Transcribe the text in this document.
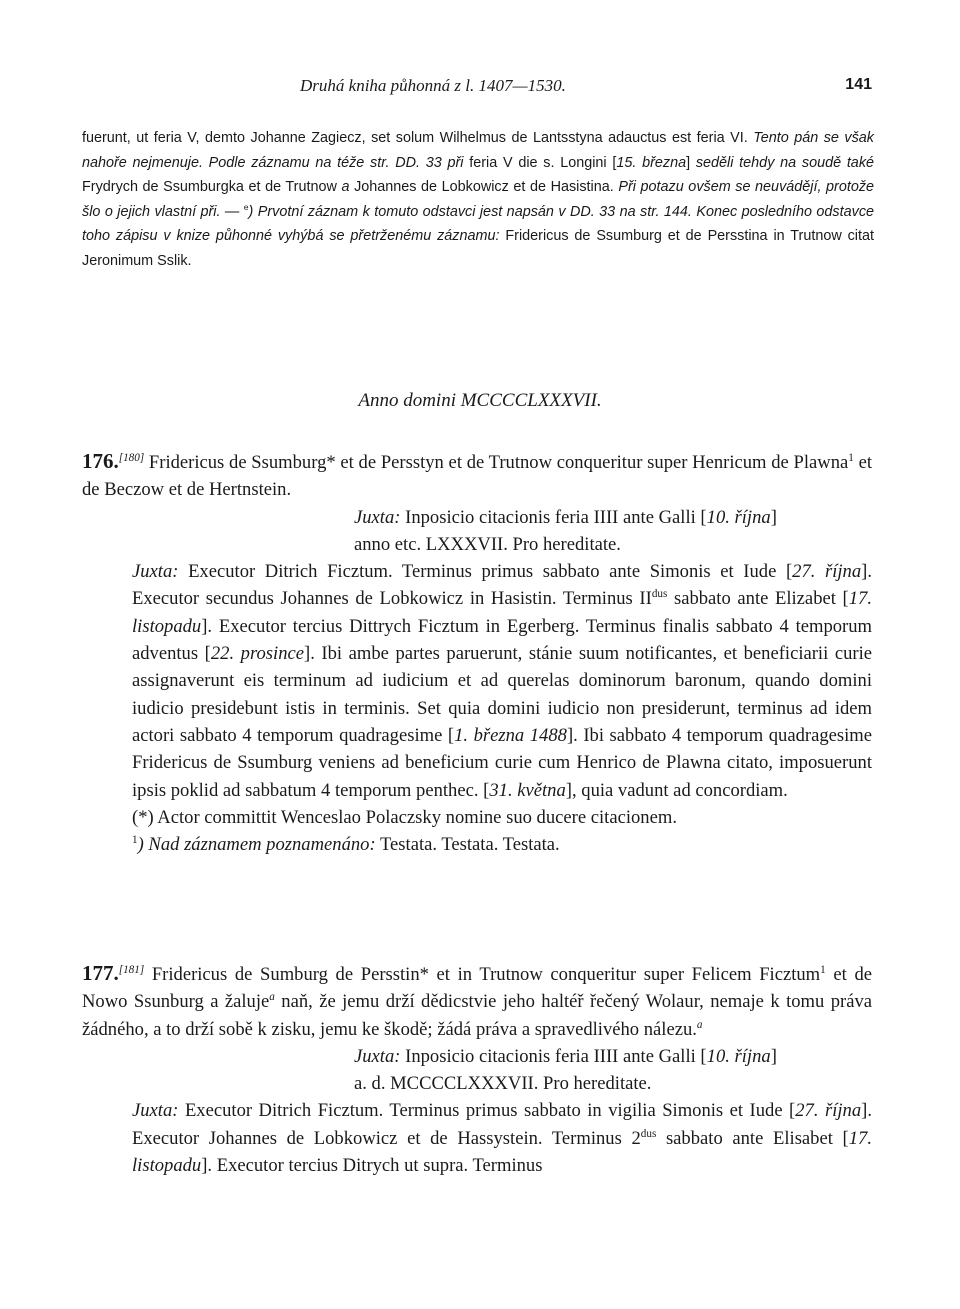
Druhá kniha půhonná z l. 1407—1530.	141

fuerunt, ut feria V, demto Johanne Zagiecz, set solum Wilhelmus de Lantsstyna adauctus est feria VI. Tento pán se však nahoře nejmenuje. Podle záznamu na téže str. DD. 33 při feria V die s. Longini [15. března] seděli tehdy na soudě také Frydrych de Ssumburgka et de Trutnow a Johannes de Lobkowicz et de Hasistina. Při potazu ovšem se neuvádějí, protože šlo o jejich vlastní při. — $^e$) Prvotní záznam k tomuto odstavci jest napsán v DD. 33 na str. 144. Konec posledního odstavce toho zápisu v knize půhonné vyhýbá se přetrženému záznamu: Fridericus de Ssumburg et de Persstina in Trutnow citat Jeronimum Sslik.

Anno domini MCCCCLXXXVII.

176.[180] Fridericus de Ssumburg* et de Persstyn et de Trutnow conqueritur super Henricum de Plawna$^1$ et de Beczow et de Hertnstein.

Juxta: Inposicio citacionis feria IIII ante Galli [10. října]
anno etc. LXXXVII. Pro hereditate.

Juxta: Executor Ditrich Ficztum. Terminus primus sabbato ante Simonis et Iude [27. října]. Executor secundus Johannes de Lobkowicz in Hasistin. Terminus $II^{dus}$ sabbato ante Elizabet [17. listopadu]. Executor tercius Dittrych Ficztum in Egerberg. Terminus finalis sabbato 4 temporum adventus [22. prosince]. Ibi ambe partes paruerunt, stánie suum notificantes, et beneficiarii curie assignaverunt eis terminum ad iudicium et ad querelas dominorum baronum, quando domini iudicio presidebunt istis in terminis. Set quia domini iudicio non presiderunt, terminus ad idem actori sabbato 4 temporum quadragesime [1. března 1488]. Ibi sabbato 4 temporum quadragesime Fridericus de Ssumburg veniens ad beneficium curie cum Henrico de Plawna citato, imposuerunt ipsis poklid ad sabbatum 4 temporum penthec. [31. května], quia vadunt ad concordiam.

(*) Actor committit Wenceslao Polaczsky nomine suo ducere citacionem.

$^1$) Nad záznamem poznamenáno: Testata. Testata. Testata.

177.[181] Fridericus de Sumburg de Persstin* et in Trutnow conqueritur super Felicem Ficztum$^1$ et de Nowo Ssunburg a žaluje$^a$ naň, že jemu drží dědicstvie jeho haltéř řečený Wolaur, nemaje k tomu práva žádného, a to drží sobě k zisku, jemu ke škodě; žádá práva a spravedlivého nálezu.$^a$

Juxta: Inposicio citacionis feria IIII ante Galli [10. října]
a. d. MCCCCLXXXVII. Pro hereditate.

Juxta: Executor Ditrich Ficztum. Terminus primus sabbato in vigilia Simonis et Iude [27. října]. Executor Johannes de Lobkowicz et de Hassystein. Terminus $2^{dus}$ sabbato ante Elisabet [17. listopadu]. Executor tercius Ditrych ut supra. Terminus
